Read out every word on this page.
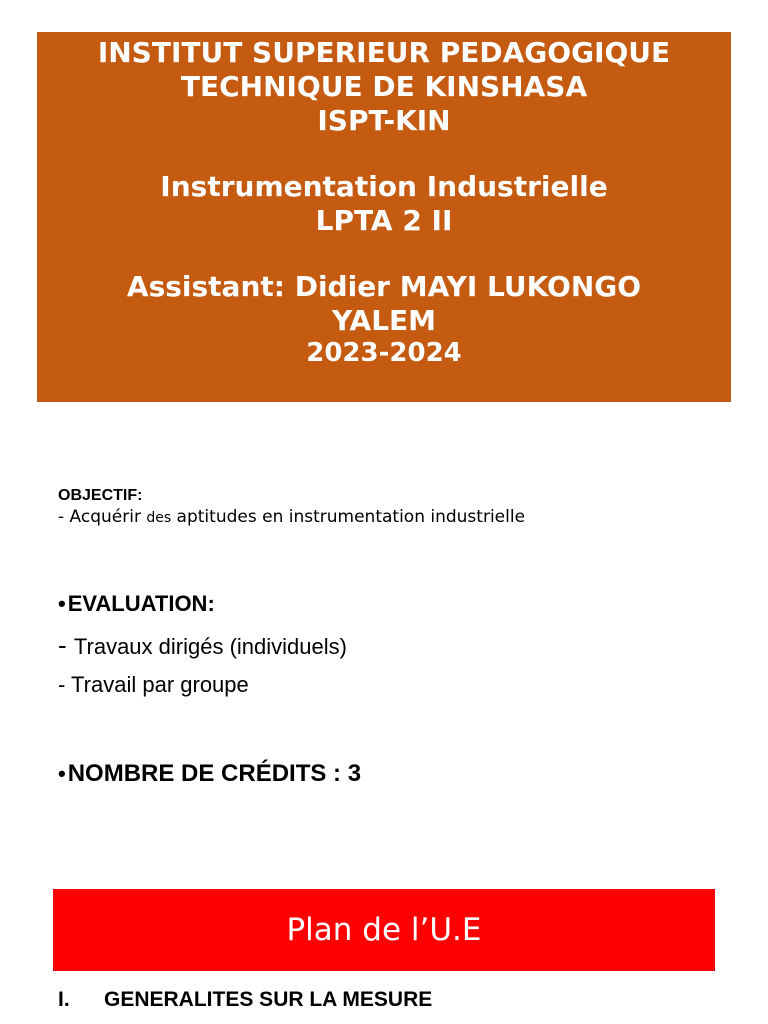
INSTITUT SUPERIEUR PEDAGOGIQUE
TECHNIQUE DE KINSHASA
ISPT-KIN
Instrumentation Industrielle
LPTA 2 II
Assistant: Didier MAYI LUKONGO
YALEM
2023-2024
OBJECTIF:
- Acquérir des aptitudes en instrumentation industrielle
•EVALUATION:
- Travaux dirigés (individuels)
- Travail par groupe
•NOMBRE DE CRÉDITS : 3
Plan de l’U.E
I. GENERALITES SUR LA MESURE
